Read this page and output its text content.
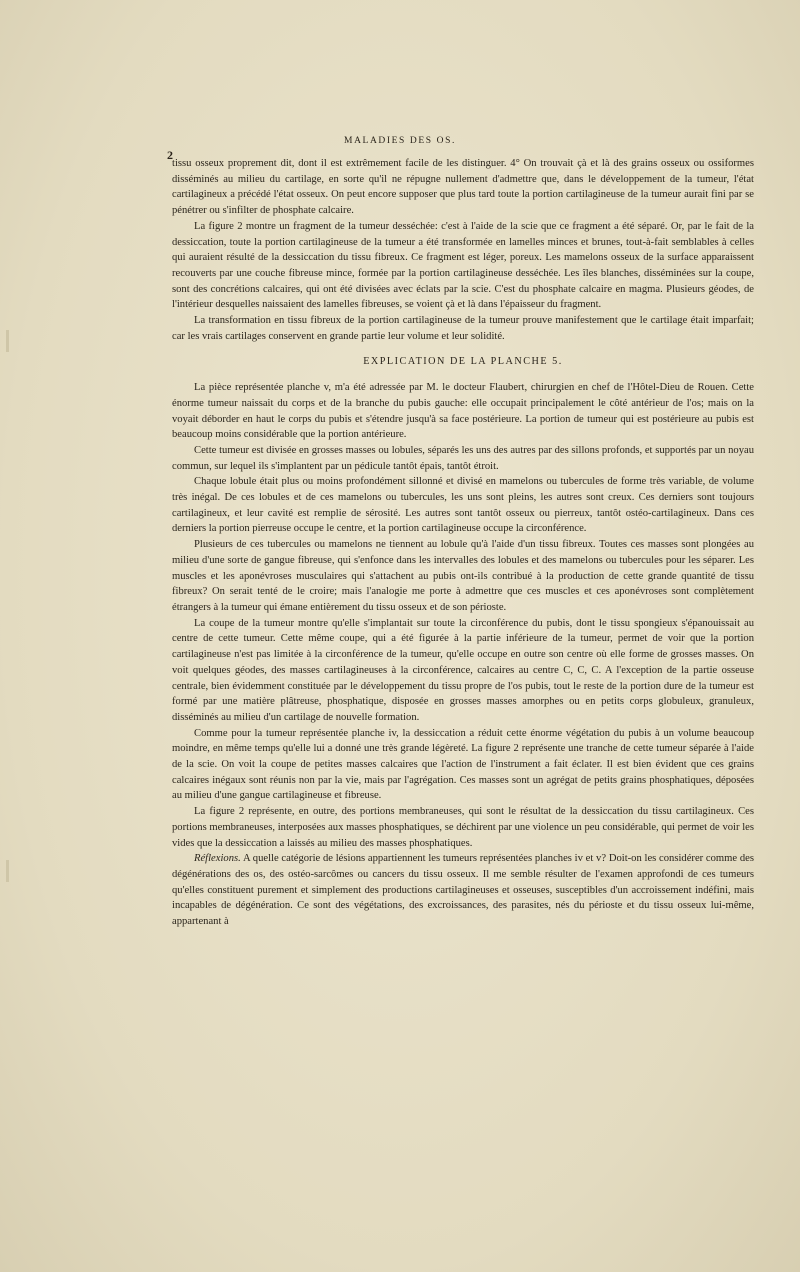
MALADIES DES OS.
2

tissu osseux proprement dit, dont il est extrêmement facile de les distinguer. 4° On trouvait çà et là des grains osseux ou ossiformes disséminés au milieu du cartilage, en sorte qu'il ne répugne nullement d'admettre que, dans le développement de la tumeur, l'état cartilagineux a précédé l'état osseux. On peut encore supposer que plus tard toute la portion cartilagineuse de la tumeur aurait fini par se pénétrer ou s'infilter de phosphate calcaire.

La figure 2 montre un fragment de la tumeur desséchée: c'est à l'aide de la scie que ce fragment a été séparé. Or, par le fait de la dessiccation, toute la portion cartilagineuse de la tumeur a été transformée en lamelles minces et brunes, tout-à-fait semblables à celles qui auraient résulté de la dessiccation du tissu fibreux. Ce fragment est léger, poreux. Les mamelons osseux de la surface apparaissent recouverts par une couche fibreuse mince, formée par la portion cartilagineuse desséchée. Les îles blanches, disséminées sur la coupe, sont des concrétions calcaires, qui ont été divisées avec éclats par la scie. C'est du phosphate calcaire en magma. Plusieurs géodes, de l'intérieur desquelles naissaient des lamelles fibreuses, se voient çà et là dans l'épaisseur du fragment.

La transformation en tissu fibreux de la portion cartilagineuse de la tumeur prouve manifestement que le cartilage était imparfait; car les vrais cartilages conservent en grande partie leur volume et leur solidité.

EXPLICATION DE LA PLANCHE 5.

La pièce représentée planche v, m'a été adressée par M. le docteur Flaubert, chirurgien en chef de l'Hôtel-Dieu de Rouen. Cette énorme tumeur naissait du corps et de la branche du pubis gauche: elle occupait principalement le côté antérieur de l'os; mais on la voyait déborder en haut le corps du pubis et s'étendre jusqu'à sa face postérieure. La portion de tumeur qui est postérieure au pubis est beaucoup moins considérable que la portion antérieure.

Cette tumeur est divisée en grosses masses ou lobules, séparés les uns des autres par des sillons profonds, et supportés par un noyau commun, sur lequel ils s'implantent par un pédicule tantôt épais, tantôt étroit.

Chaque lobule était plus ou moins profondément sillonné et divisé en mamelons ou tubercules de forme très variable, de volume très inégal. De ces lobules et de ces mamelons ou tubercules, les uns sont pleins, les autres sont creux. Ces derniers sont toujours cartilagineux, et leur cavité est remplie de sérosité. Les autres sont tantôt osseux ou pierreux, tantôt ostéo-cartilagineux. Dans ces derniers la portion pierreuse occupe le centre, et la portion cartilagineuse occupe la circonférence.

Plusieurs de ces tubercules ou mamelons ne tiennent au lobule qu'à l'aide d'un tissu fibreux. Toutes ces masses sont plongées au milieu d'une sorte de gangue fibreuse, qui s'enfonce dans les intervalles des lobules et des mamelons ou tubercules pour les séparer. Les muscles et les aponévroses musculaires qui s'attachent au pubis ont-ils contribué à la production de cette grande quantité de tissu fibreux? On serait tenté de le croire; mais l'analogie me porte à admettre que ces muscles et ces aponévroses sont complètement étrangers à la tumeur qui émane entièrement du tissu osseux et de son périoste.

La coupe de la tumeur montre qu'elle s'implantait sur toute la circonférence du pubis, dont le tissu spongieux s'épanouissait au centre de cette tumeur. Cette même coupe, qui a été figurée à la partie inférieure de la tumeur, permet de voir que la portion cartilagineuse n'est pas limitée à la circonférence de la tumeur, qu'elle occupe en outre son centre où elle forme de grosses masses. On voit quelques géodes, des masses cartilagineuses à la circonférence, calcaires au centre C, C, C. A l'exception de la partie osseuse centrale, bien évidemment constituée par le développement du tissu propre de l'os pubis, tout le reste de la portion dure de la tumeur est formé par une matière plâtreuse, phosphatique, disposée en grosses masses amorphes ou en petits corps globuleux, granuleux, disséminés au milieu d'un cartilage de nouvelle formation.

Comme pour la tumeur représentée planche iv, la dessiccation a réduit cette énorme végétation du pubis à un volume beaucoup moindre, en même temps qu'elle lui a donné une très grande légèreté. La figure 2 représente une tranche de cette tumeur séparée à l'aide de la scie. On voit la coupe de petites masses calcaires que l'action de l'instrument a fait éclater. Il est bien évident que ces grains calcaires inégaux sont réunis non par la vie, mais par l'agrégation. Ces masses sont un agrégat de petits grains phosphatiques, déposées au milieu d'une gangue cartilagineuse et fibreuse.

La figure 2 représente, en outre, des portions membraneuses, qui sont le résultat de la dessiccation du tissu cartilagineux. Ces portions membraneuses, interposées aux masses phosphatiques, se déchirent par une violence un peu considérable, qui permet de voir les vides que la dessiccation a laissés au milieu des masses phosphatiques.

Réflexions. A quelle catégorie de lésions appartiennent les tumeurs représentées planches iv et v? Doit-on les considérer comme des dégénérations des os, des ostéo-sarcômes ou cancers du tissu osseux. Il me semble résulter de l'examen approfondi de ces tumeurs qu'elles constituent purement et simplement des productions cartilagineuses et osseuses, susceptibles d'un accroissement indéfini, mais incapables de dégénération. Ce sont des végétations, des excroissances, des parasites, nés du périoste et du tissu osseux lui-même, appartenant à
